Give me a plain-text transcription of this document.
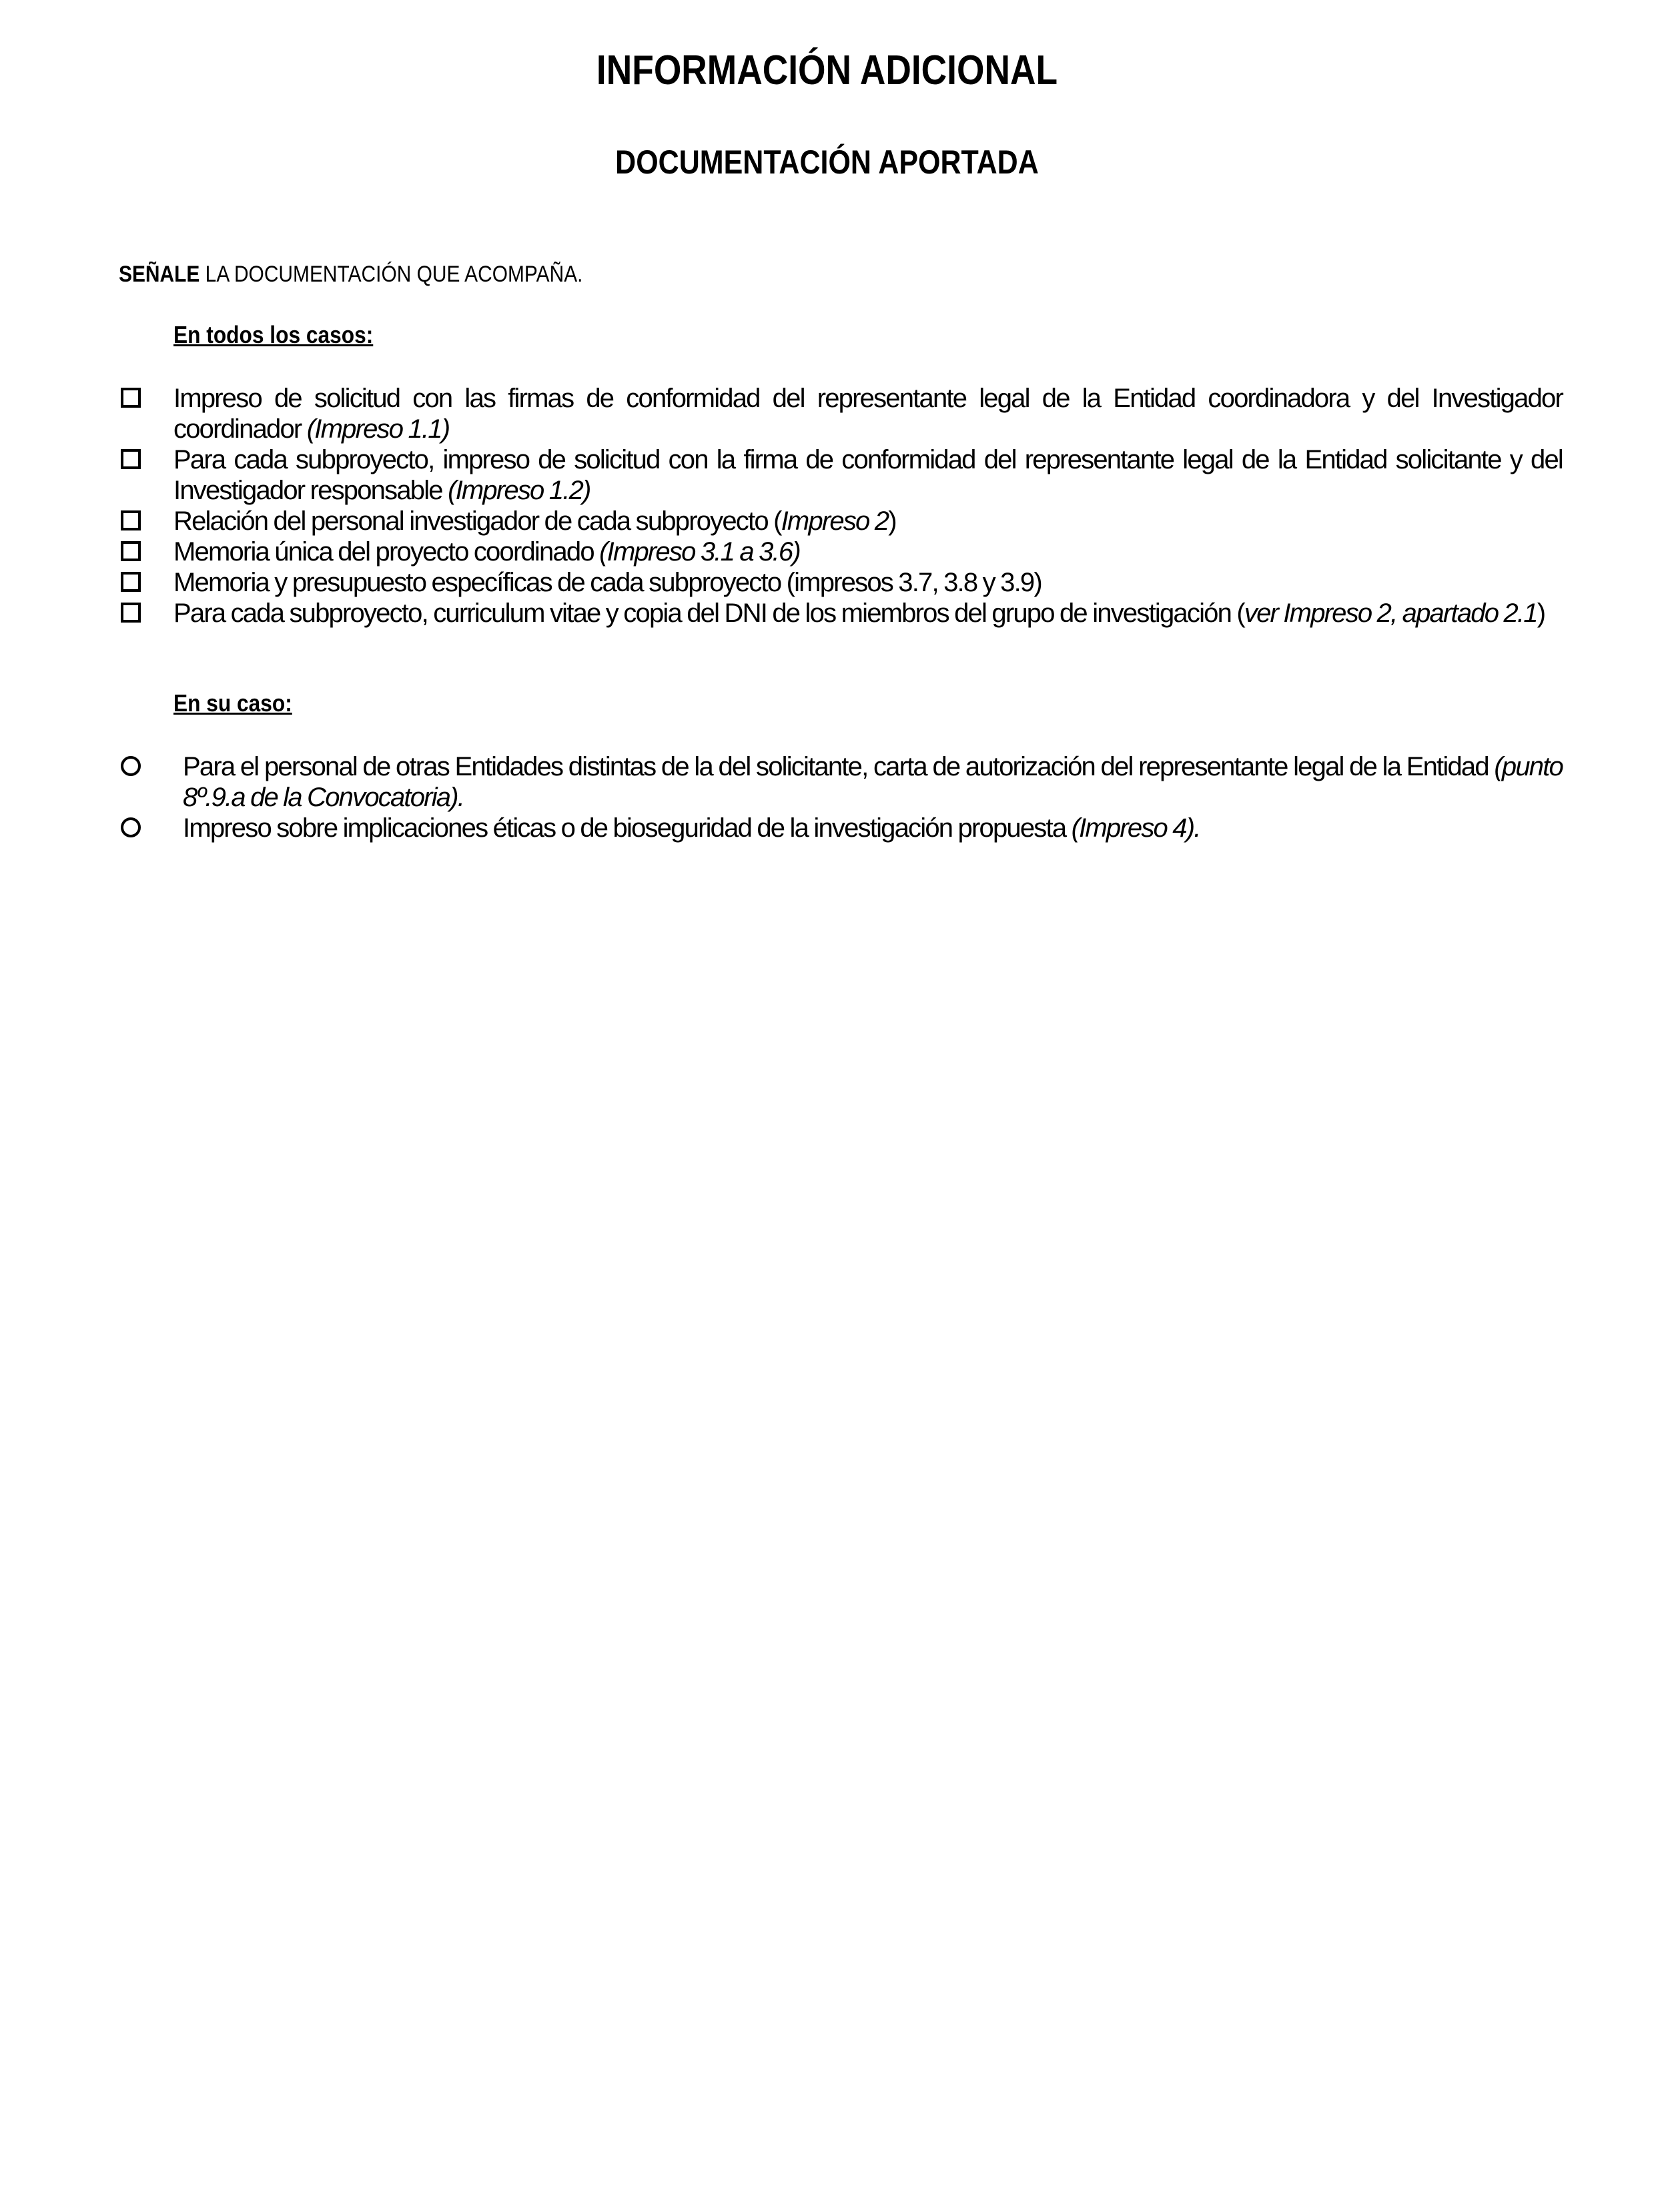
INFORMACIÓN ADICIONAL
DOCUMENTACIÓN APORTADA
SEÑALE LA DOCUMENTACIÓN QUE ACOMPAÑA.
En todos los casos:
Impreso de solicitud con las firmas de conformidad del representante legal de la Entidad coordinadora y del Investigador coordinador (Impreso 1.1)
Para cada subproyecto, impreso de solicitud con la firma de conformidad del representante legal de la Entidad solicitante y del Investigador responsable (Impreso 1.2)
Relación del personal investigador de cada subproyecto (Impreso 2)
Memoria única del proyecto coordinado (Impreso 3.1 a 3.6)
Memoria y presupuesto específicas de cada subproyecto (impresos 3.7, 3.8 y 3.9)
Para cada subproyecto, curriculum vitae y copia del DNI de los miembros del grupo de investigación (ver Impreso 2, apartado 2.1)
En su caso:
Para el personal de otras Entidades distintas de la del solicitante, carta de autorización del representante legal de la Entidad (punto 8º.9.a de la Convocatoria).
Impreso sobre implicaciones éticas o de bioseguridad de la investigación propuesta (Impreso 4).
